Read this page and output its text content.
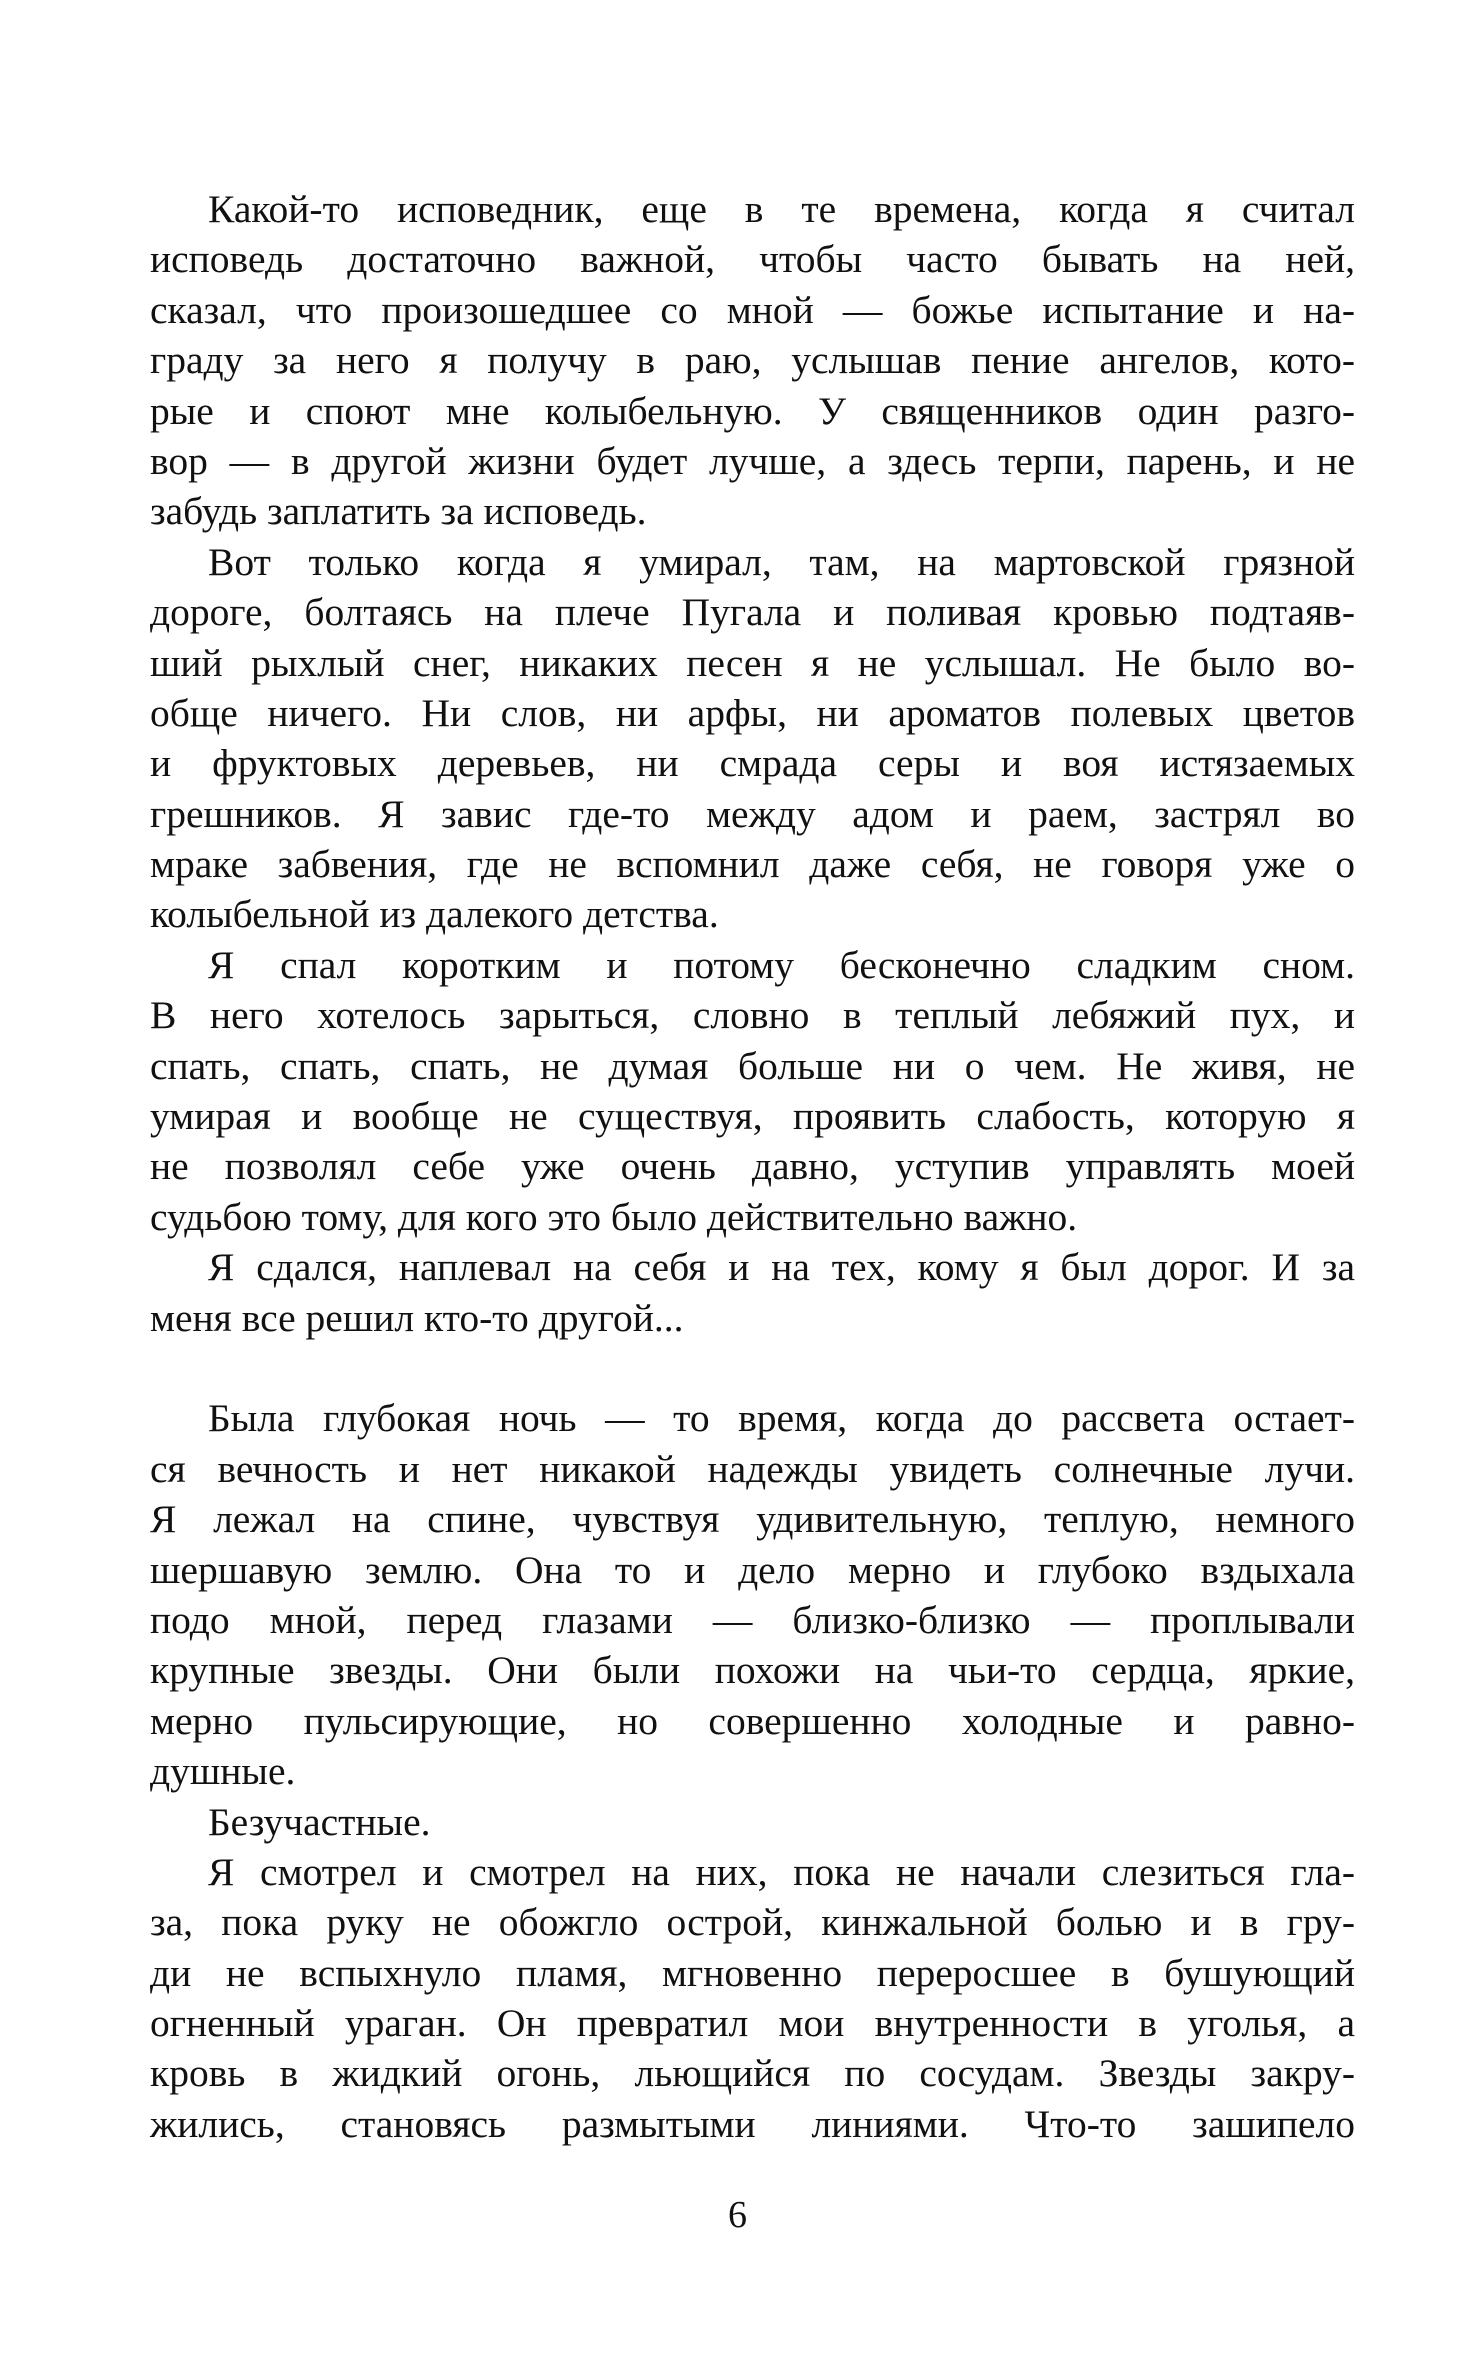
Какой-то исповедник, еще в те времена, когда я считал
исповедь достаточно важной, чтобы часто бывать на ней,
сказал, что произошедшее со мной — божье испытание и на-
граду за него я получу в раю, услышав пение ангелов, кото-
рые и споют мне колыбельную. У священников один разго-
вор — в другой жизни будет лучше, а здесь терпи, парень, и не
забудь заплатить за исповедь.
Вот только когда я умирал, там, на мартовской грязной
дороге, болтаясь на плече Пугала и поливая кровью подтаяв-
ший рыхлый снег, никаких песен я не услышал. Не было во-
обще ничего. Ни слов, ни арфы, ни ароматов полевых цветов
и фруктовых деревьев, ни смрада серы и воя истязаемых
грешников. Я завис где-то между адом и раем, застрял во
мраке забвения, где не вспомнил даже себя, не говоря уже о
колыбельной из далекого детства.
Я спал коротким и потому бесконечно сладким сном.
В него хотелось зарыться, словно в теплый лебяжий пух, и
спать, спать, спать, не думая больше ни о чем. Не живя, не
умирая и вообще не существуя, проявить слабость, которую я
не позволял себе уже очень давно, уступив управлять моей
судьбою тому, для кого это было действительно важно.
Я сдался, наплевал на себя и на тех, кому я был дорог. И за
меня все решил кто-то другой...
Была глубокая ночь — то время, когда до рассвета остает-
ся вечность и нет никакой надежды увидеть солнечные лучи.
Я лежал на спине, чувствуя удивительную, теплую, немного
шершавую землю. Она то и дело мерно и глубоко вздыхала
подо мной, перед глазами — близко-близко — проплывали
крупные звезды. Они были похожи на чьи-то сердца, яркие,
мерно пульсирующие, но совершенно холодные и равно-
душные.
Безучастные.
Я смотрел и смотрел на них, пока не начали слезиться гла-
за, пока руку не обожгло острой, кинжальной болью и в гру-
ди не вспыхнуло пламя, мгновенно переросшее в бушующий
огненный ураган. Он превратил мои внутренности в уголья, а
кровь в жидкий огонь, льющийся по сосудам. Звезды закру-
жились, становясь размытыми линиями. Что-то зашипело
6
